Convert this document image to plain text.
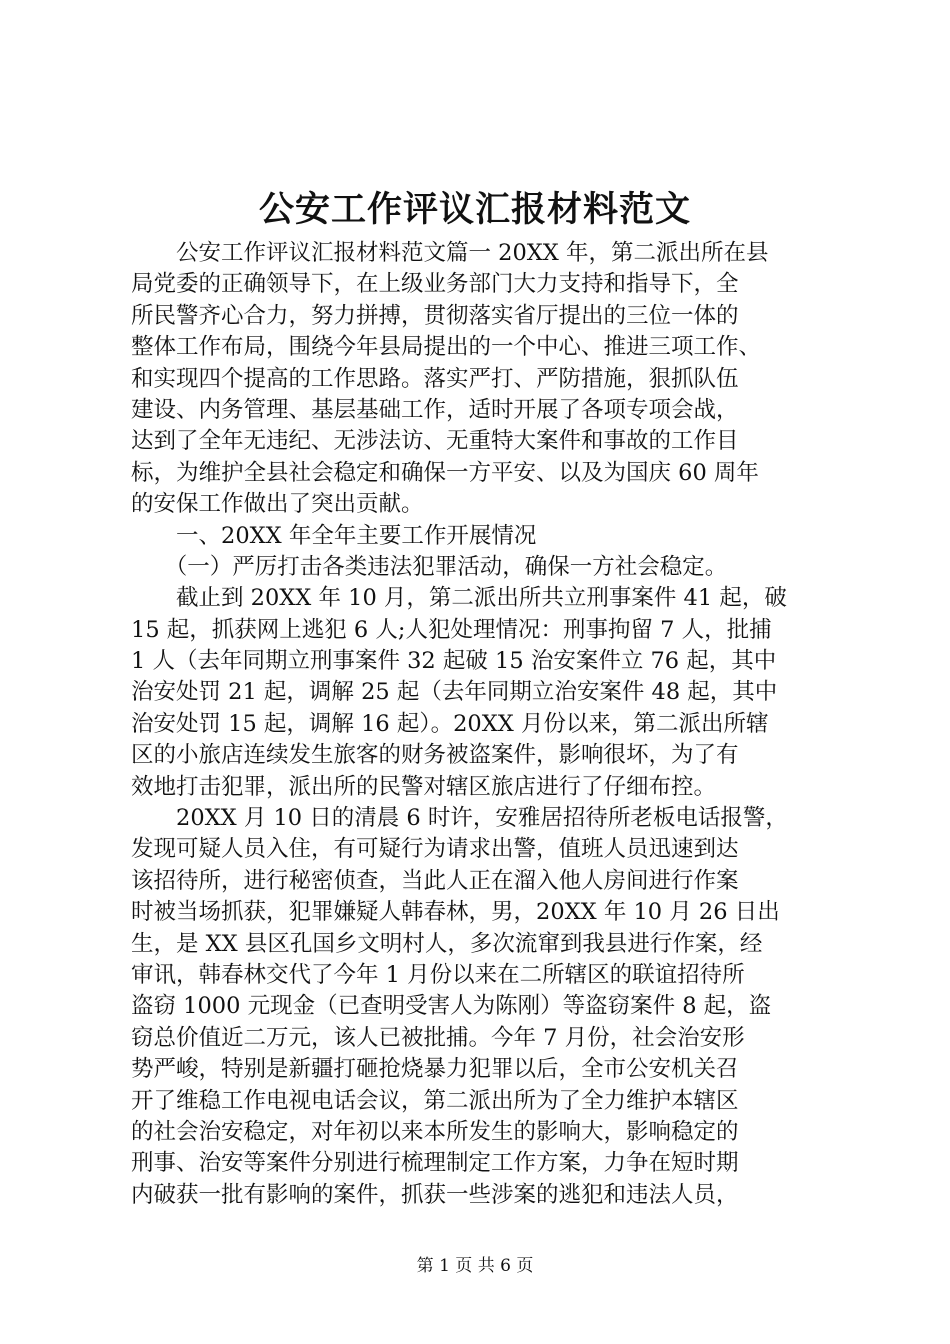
公安工作评议汇报材料范文
　　公安工作评议汇报材料范文篇一 20XX 年，第二派出所在县
局党委的正确领导下，在上级业务部门大力支持和指导下，全
所民警齐心合力，努力拼搏，贯彻落实省厅提出的三位一体的
整体工作布局，围绕今年县局提出的一个中心、推进三项工作、
和实现四个提高的工作思路。落实严打、严防措施，狠抓队伍
建设、内务管理、基层基础工作，适时开展了各项专项会战，
达到了全年无违纪、无涉法访、无重特大案件和事故的工作目
标，为维护全县社会稳定和确保一方平安、以及为国庆 60 周年
的安保工作做出了突出贡献。
　　一、20XX 年全年主要工作开展情况
　　（一）严厉打击各类违法犯罪活动，确保一方社会稳定。
　　截止到 20XX 年 10 月，第二派出所共立刑事案件 41 起，破
15 起，抓获网上逃犯 6 人;人犯处理情况：刑事拘留 7 人，批捕
1 人（去年同期立刑事案件 32 起破 15 治安案件立 76 起，其中
治安处罚 21 起，调解 25 起（去年同期立治安案件 48 起，其中
治安处罚 15 起，调解 16 起）。20XX 月份以来，第二派出所辖
区的小旅店连续发生旅客的财务被盗案件，影响很坏，为了有
效地打击犯罪，派出所的民警对辖区旅店进行了仔细布控。
　　20XX 月 10 日的清晨 6 时许，安雅居招待所老板电话报警，
发现可疑人员入住，有可疑行为请求出警，值班人员迅速到达
该招待所，进行秘密侦查，当此人正在溜入他人房间进行作案
时被当场抓获，犯罪嫌疑人韩春林，男，20XX 年 10 月 26 日出
生，是 XX 县区孔国乡文明村人，多次流窜到我县进行作案，经
审讯，韩春林交代了今年 1 月份以来在二所辖区的联谊招待所
盗窃 1000 元现金（已查明受害人为陈刚）等盗窃案件 8 起，盗
窃总价值近二万元，该人已被批捕。今年 7 月份，社会治安形
势严峻，特别是新疆打砸抢烧暴力犯罪以后，全市公安机关召
开了维稳工作电视电话会议，第二派出所为了全力维护本辖区
的社会治安稳定，对年初以来本所发生的影响大，影响稳定的
刑事、治安等案件分别进行梳理制定工作方案，力争在短时期
内破获一批有影响的案件，抓获一些涉案的逃犯和违法人员，
第 1 页 共 6 页
